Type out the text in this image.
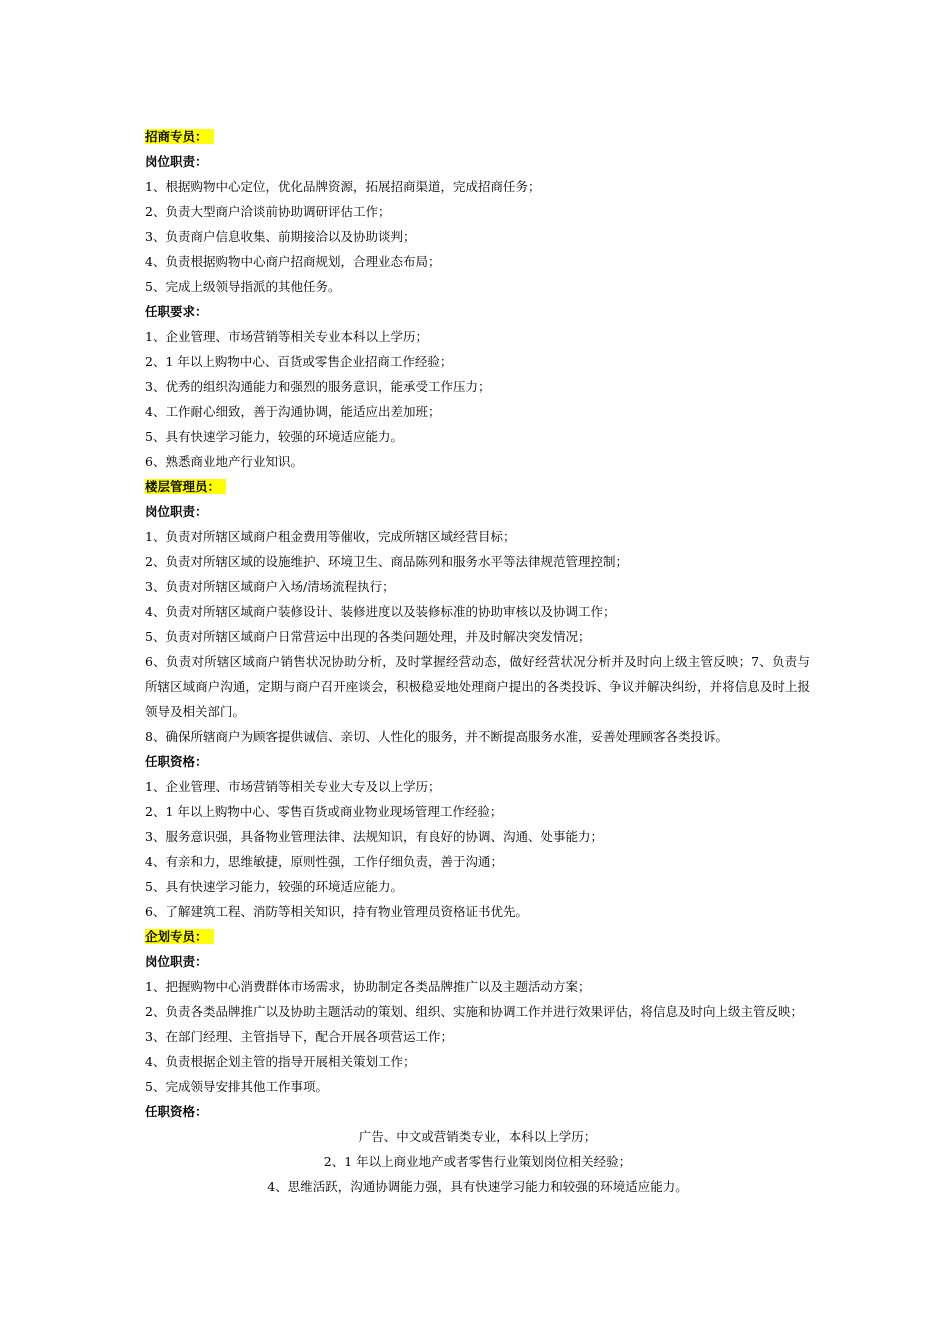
招商专员：
岗位职责：
1、根据购物中心定位，优化品牌资源，拓展招商渠道，完成招商任务；
2、负责大型商户洽谈前协助调研评估工作；
3、负责商户信息收集、前期接洽以及协助谈判；
4、负责根据购物中心商户招商规划，合理业态布局；
5、完成上级领导指派的其他任务。
任职要求：
1、企业管理、市场营销等相关专业本科以上学历；
2、1 年以上购物中心、百货或零售企业招商工作经验；
3、优秀的组织沟通能力和强烈的服务意识，能承受工作压力；
4、工作耐心细致，善于沟通协调，能适应出差加班；
5、具有快速学习能力，较强的环境适应能力。
6、熟悉商业地产行业知识。
楼层管理员：
岗位职责：
1、负责对所辖区域商户租金费用等催收，完成所辖区域经营目标；
2、负责对所辖区域的设施维护、环境卫生、商品陈列和服务水平等法律规范管理控制；
3、负责对所辖区域商户入场/清场流程执行；
4、负责对所辖区域商户装修设计、装修进度以及装修标准的协助审核以及协调工作；
5、负责对所辖区域商户日常营运中出现的各类问题处理，并及时解决突发情况；
6、负责对所辖区域商户销售状况协助分析，及时掌握经营动态，做好经营状况分析并及时向上级主管反映；7、负责与所辖区域商户沟通，定期与商户召开座谈会，积极稳妥地处理商户提出的各类投诉、争议并解决纠纷，并将信息及时上报领导及相关部门。
8、确保所辖商户为顾客提供诚信、亲切、人性化的服务，并不断提高服务水准，妥善处理顾客各类投诉。
任职资格：
1、企业管理、市场营销等相关专业大专及以上学历；
2、1 年以上购物中心、零售百货或商业物业现场管理工作经验；
3、服务意识强，具备物业管理法律、法规知识，有良好的协调、沟通、处事能力；
4、有亲和力，思维敏捷，原则性强，工作仔细负责，善于沟通；
5、具有快速学习能力，较强的环境适应能力。
6、了解建筑工程、消防等相关知识，持有物业管理员资格证书优先。
企划专员：
岗位职责：
1、把握购物中心消费群体市场需求，协助制定各类品牌推广以及主题活动方案；
2、负责各类品牌推广以及协助主题活动的策划、组织、实施和协调工作并进行效果评估，将信息及时向上级主管反映；
3、在部门经理、主管指导下，配合开展各项营运工作；
4、负责根据企划主管的指导开展相关策划工作；
5、完成领导安排其他工作事项。
任职资格：
广告、中文或营销类专业，本科以上学历；
2、1 年以上商业地产或者零售行业策划岗位相关经验；
4、思维活跃，沟通协调能力强，具有快速学习能力和较强的环境适应能力。
